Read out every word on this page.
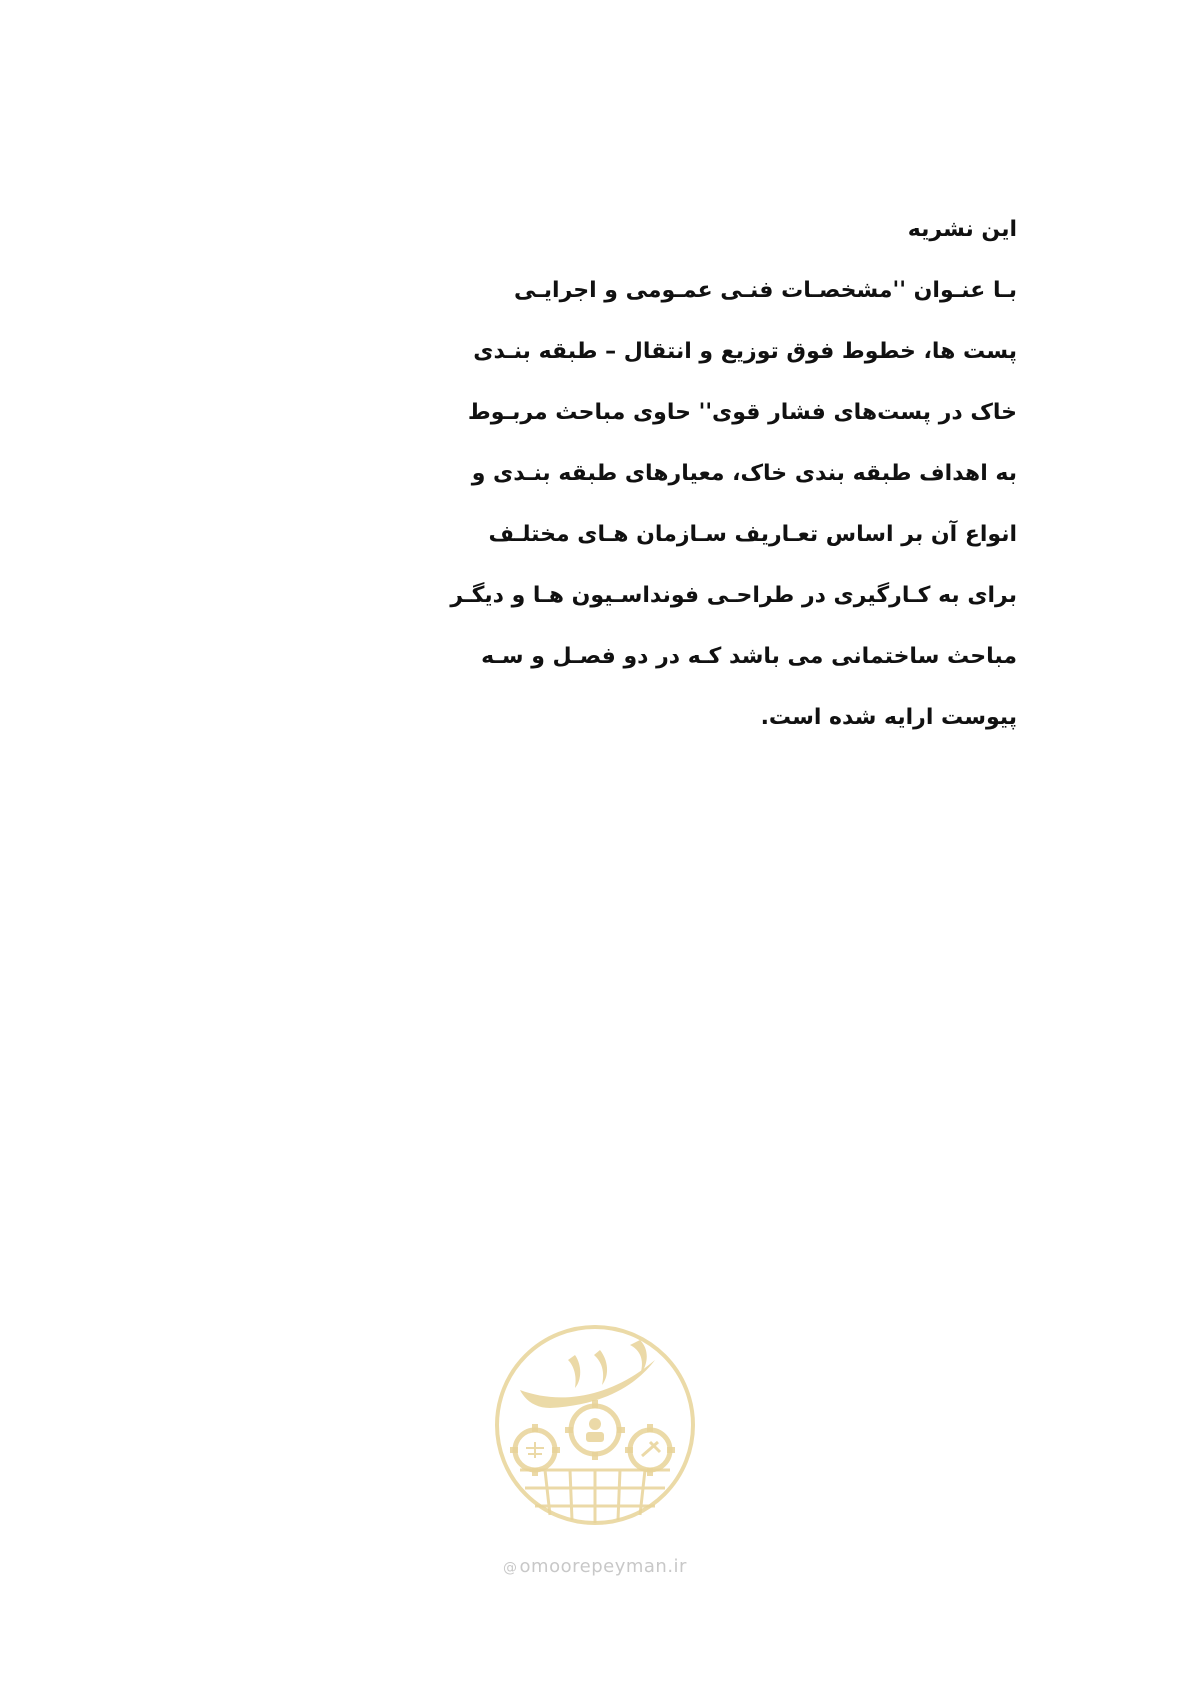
این نشریه
بـا عنـوان ''مشخصـات فنـی عمـومی و اجرایـی
پست ها، خطوط فوق توزیع و انتقال – طبقه بنـدی
خاک در پست‌های فشار قوی'' حاوی مباحث مربـوط
به اهداف طبقه بندی خاک، معیارهای طبقه بنـدی و
انواع آن بر اساس تعـاریف سـازمان هـای مختلـف
برای به کـارگیری در طراحـی فونداسـیون هـا و دیگـر
مباحث ساختمانی می باشد کـه در دو فصـل و سـه
پیوست ارایه شده است.
@ omoorepeyman.ir
